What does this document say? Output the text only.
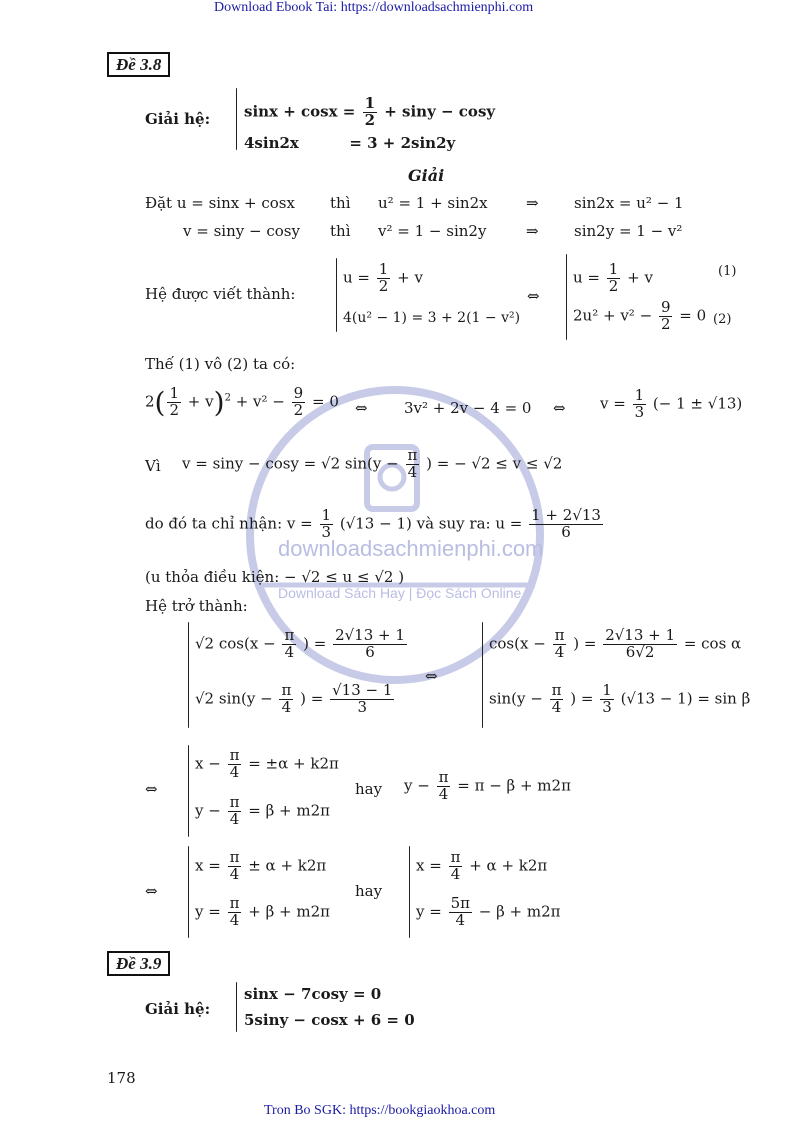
Download Ebook Tai: https://downloadsachmienphi.com
downloadsachmienphi.com
Download Sách Hay | Đọc Sách Online
Đề 3.8
Giải hệ: $\sin x + \cos x = \frac{1}{2} + \sin y - \cos y$
4sin2x	= 3 + 2sin2y
Giải
Đặt u = sinx + cosx thì u² = 1 + sin2x	⇒ sin2x = u² − 1
v = siny − cosy thì v² = 1 − sin2y	⇒ sin2y = 1 − v²
Hệ được viết thành:
$u = \frac{1}{2} + v$
4(u² − 1) = 3 + 2(1 − v²)
⇔
$u = \frac{1}{2} + v$	(1)
$2u^2 + v^2 - \frac{9}{2} = 0$ (2)
Thế (1) vô (2) ta có:
$2( \frac{1}{2} + v)^2 + v^2 - \frac{9}{2} = 0$ ⇔ 3v² + 2v − 4 = 0 ⇔ $v = \frac{1}{3}$ (− 1 ± √13)
Vì v = siny − cosy = √2 $\sin(y - \frac{\pi}{4}$ ) = − √2 ≤ v ≤ √2
do đó ta chỉ nhận: $v = \frac{1}{3} (√13 - 1)$ và suy ra: $u = \frac{1 + 2√13}{6}$
(u thỏa điều kiện: − √2 ≤ u ≤ √2 )
Hệ trở thành:
√2 $\cos(x - \frac{\pi}{4}$ ) = $\frac{2√13 + 1}{6}$
√2 $\sin(y - \frac{\pi}{4}$ ) = $\frac{√13 - 1}{3}$
⇔
$\cos(x - \frac{\pi}{4}$ ) = $\frac{2√13 + 1}{6√2} = \cos \alpha$
$\sin(y - \frac{\pi}{4}$ ) = $\frac{1}{3} (√13 - 1) = \sin \beta$
⇔
$x - \frac{\pi}{4} = \pm\alpha + k2\pi$
$y - \frac{\pi}{4} = \beta + m2\pi$
hay $y - \frac{\pi}{4} = \pi - \beta + m2\pi$
⇔
$x = \frac{\pi}{4} \pm \alpha + k2\pi$
$y = \frac{\pi}{4} + \beta + m2\pi$
hay
$x = \frac{\pi}{4} + \alpha + k2\pi$
$y = \frac{5\pi}{4} - \beta + m2\pi$
Đề 3.9
Giải hệ:
sinx − 7cosy = 0
5siny − cosx + 6 = 0
178
Tron Bo SGK: https://bookgiaokhoa.com
